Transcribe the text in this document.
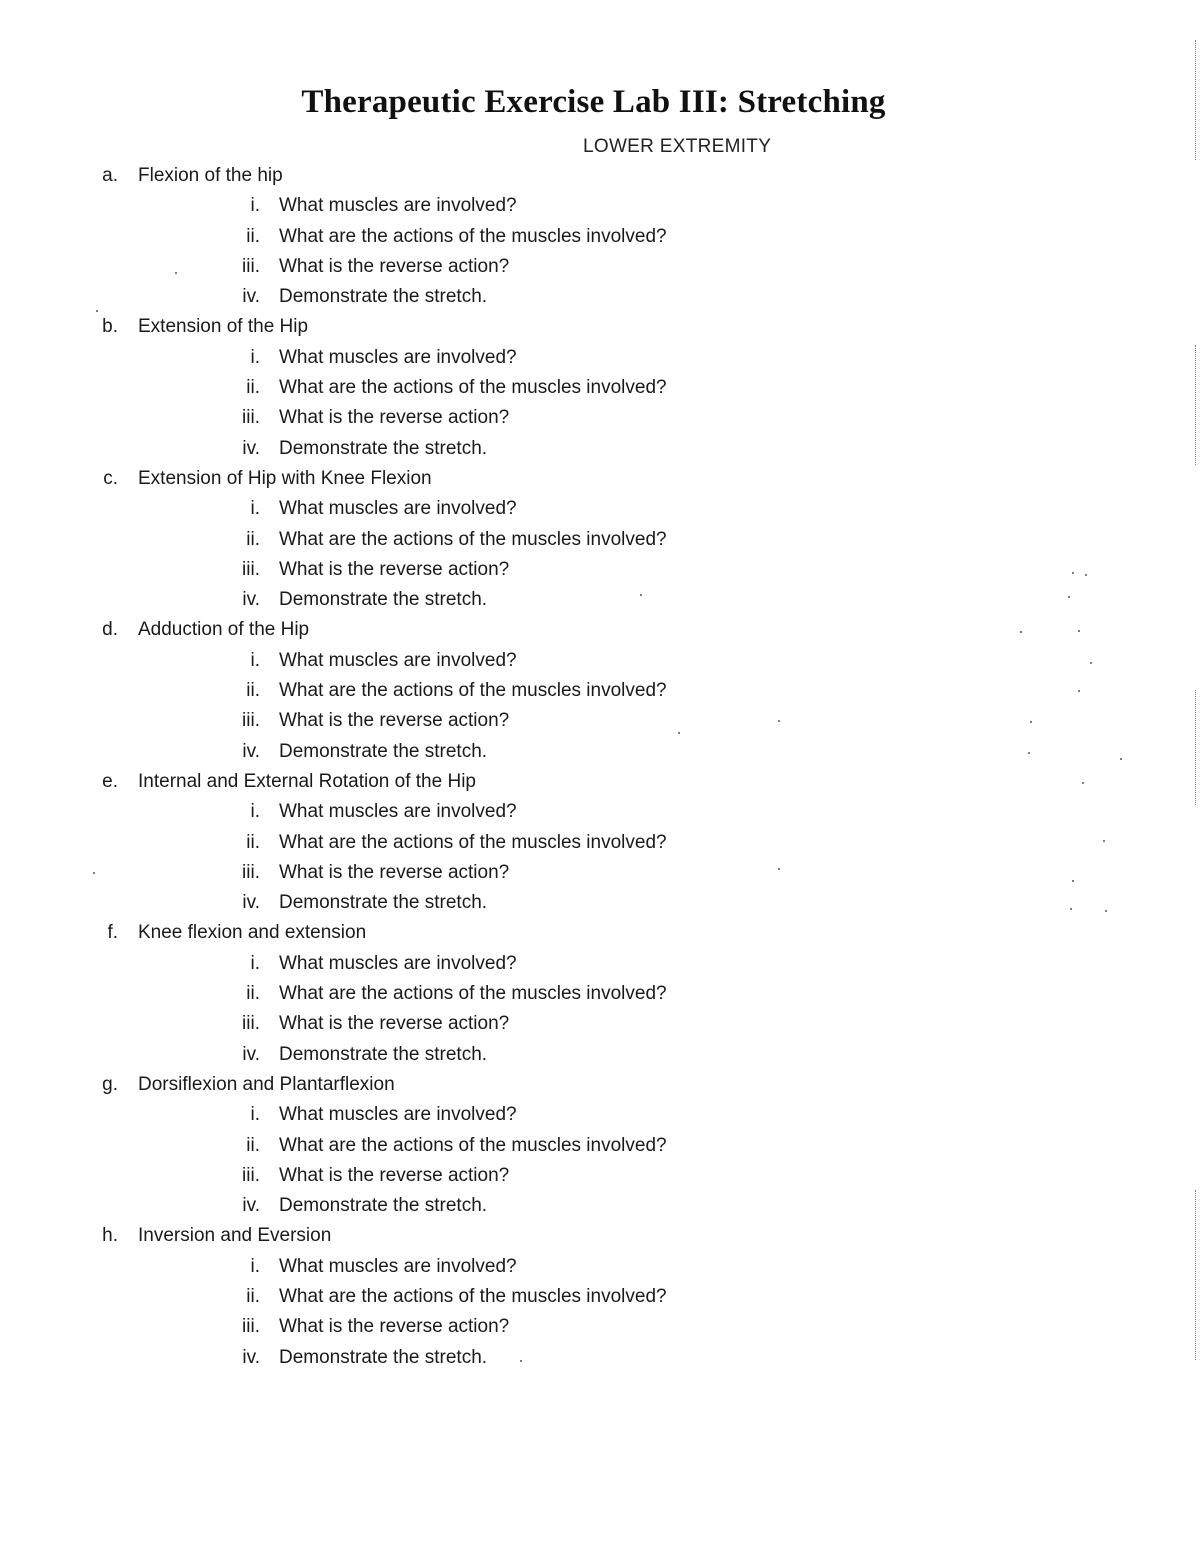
Therapeutic Exercise Lab III: Stretching
LOWER EXTREMITY
a. Flexion of the hip
i. What muscles are involved?
ii. What are the actions of the muscles involved?
iii. What is the reverse action?
iv. Demonstrate the stretch.
b. Extension of the Hip
i. What muscles are involved?
ii. What are the actions of the muscles involved?
iii. What is the reverse action?
iv. Demonstrate the stretch.
c. Extension of Hip with Knee Flexion
i. What muscles are involved?
ii. What are the actions of the muscles involved?
iii. What is the reverse action?
iv. Demonstrate the stretch.
d. Adduction of the Hip
i. What muscles are involved?
ii. What are the actions of the muscles involved?
iii. What is the reverse action?
iv. Demonstrate the stretch.
e. Internal and External Rotation of the Hip
i. What muscles are involved?
ii. What are the actions of the muscles involved?
iii. What is the reverse action?
iv. Demonstrate the stretch.
f. Knee flexion and extension
i. What muscles are involved?
ii. What are the actions of the muscles involved?
iii. What is the reverse action?
iv. Demonstrate the stretch.
g. Dorsiflexion and Plantarflexion
i. What muscles are involved?
ii. What are the actions of the muscles involved?
iii. What is the reverse action?
iv. Demonstrate the stretch.
h. Inversion and Eversion
i. What muscles are involved?
ii. What are the actions of the muscles involved?
iii. What is the reverse action?
iv. Demonstrate the stretch.
